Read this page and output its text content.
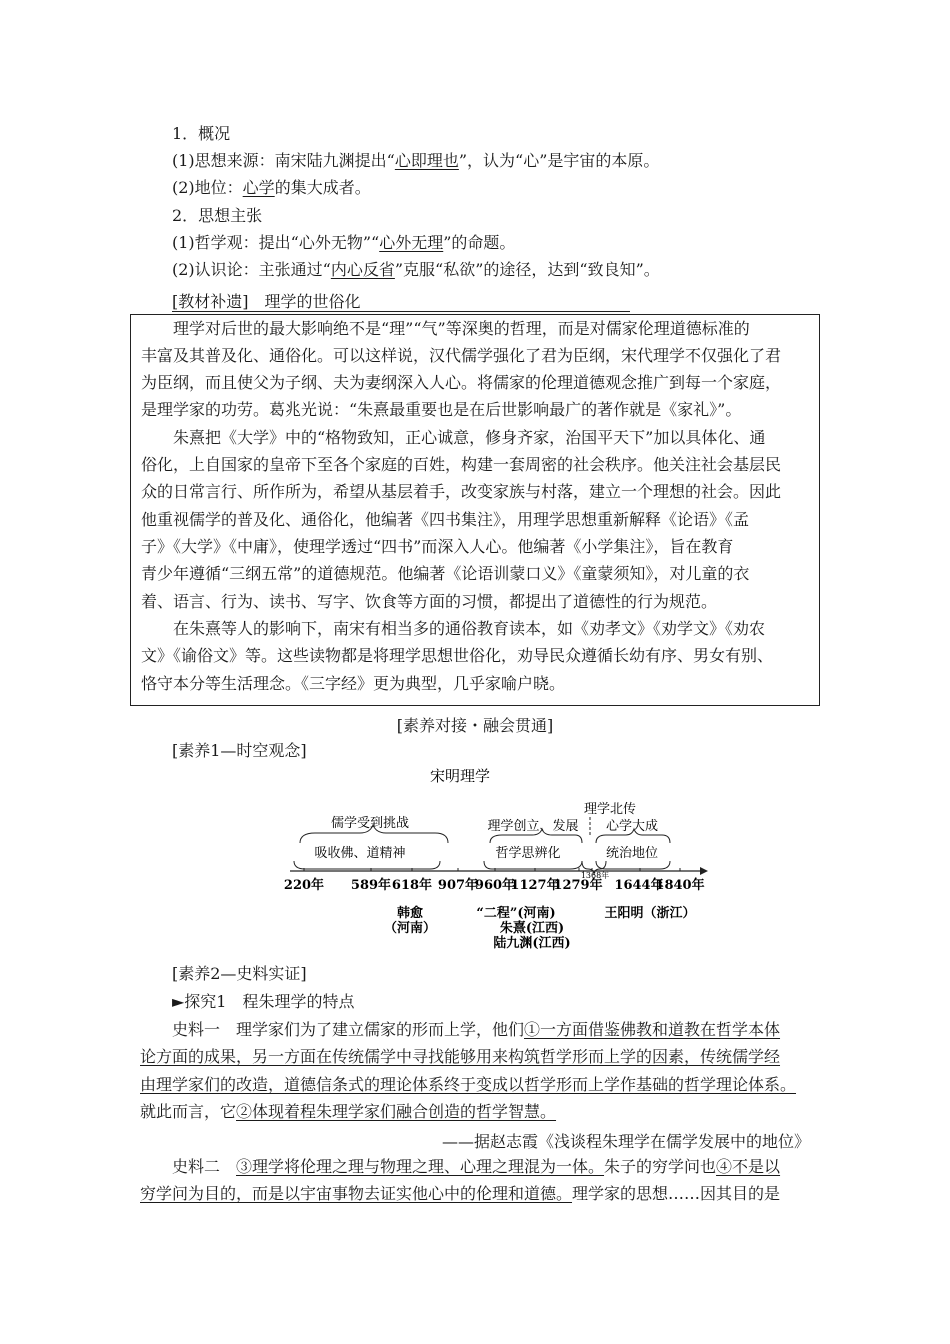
1．概况
(1)思想来源：南宋陆九渊提出“心即理也”，认为“心”是宇宙的本原。
(2)地位：心学的集大成者。
2．思想主张
(1)哲学观：提出“心外无物”“心外无理”的命题。
(2)认识论：主张通过“内心反省”克服“私欲”的途径，达到“致良知”。
[教材补遗]　理学的世俗化

理学对后世的最大影响绝不是“理”“气”等深奥的哲理，而是对儒家伦理道德标准的

丰富及其普及化、通俗化。可以这样说，汉代儒学强化了君为臣纲，宋代理学不仅强化了君

为臣纲，而且使父为子纲、夫为妻纲深入人心。将儒家的伦理道德观念推广到每一个家庭，

是理学家的功劳。葛兆光说：“朱熹最重要也是在后世影响最广的著作就是《家礼》”。

朱熹把《大学》中的“格物致知，正心诚意，修身齐家，治国平天下”加以具体化、通

俗化，上自国家的皇帝下至各个家庭的百姓，构建一套周密的社会秩序。他关注社会基层民

众的日常言行、所作所为，希望从基层着手，改变家族与村落，建立一个理想的社会。因此

他重视儒学的普及化、通俗化，他编著《四书集注》，用理学思想重新解释《论语》《孟

子》《大学》《中庸》，使理学透过“四书”而深入人心。他编著《小学集注》，旨在教育

青少年遵循“三纲五常”的道德规范。他编著《论语训蒙口义》《童蒙须知》，对儿童的衣

着、语言、行为、读书、写字、饮食等方面的习惯，都提出了道德性的行为规范。

在朱熹等人的影响下，南宋有相当多的通俗教育读本，如《劝孝文》《劝学文》《劝农

文》《谕俗文》等。这些读物都是将理学思想世俗化，劝导民众遵循长幼有序、男女有别、

恪守本分等生活理念。《三字经》更为典型，几乎家喻户晓。

[素养对接・融会贯通]
[素养1—时空观念]
宋明理学
理学北传
儒学受到挑战	理学创立、发展 心学大成
吸收佛、道精神	哲学思辨化	统治地位
1368年
220年 589年 618年 907年
960年
1127年
1279年 1644年
1840年
韩愈
（河南）
“二程”(河南)
朱熹(江西)
陆九渊(江西)
王阳明（浙江）
[素养2—史料实证]
►探究1　程朱理学的特点
史料一　理学家们为了建立儒家的形而上学，他们①一方面借鉴佛教和道教在哲学本体
论方面的成果，另一方面在传统儒学中寻找能够用来构筑哲学形而上学的因素，传统儒学经
由理学家们的改造，道德信条式的理论体系终于变成以哲学形而上学作基础的哲学理论体系。
就此而言，它②体现着程朱理学家们融合创造的哲学智慧。
——据赵志霞《浅谈程朱理学在儒学发展中的地位》
史料二　③理学将伦理之理与物理之理、心理之理混为一体。朱子的穷学问也④不是以
穷学问为目的，而是以宇宙事物去证实他心中的伦理和道德。理学家的思想……因其目的是
